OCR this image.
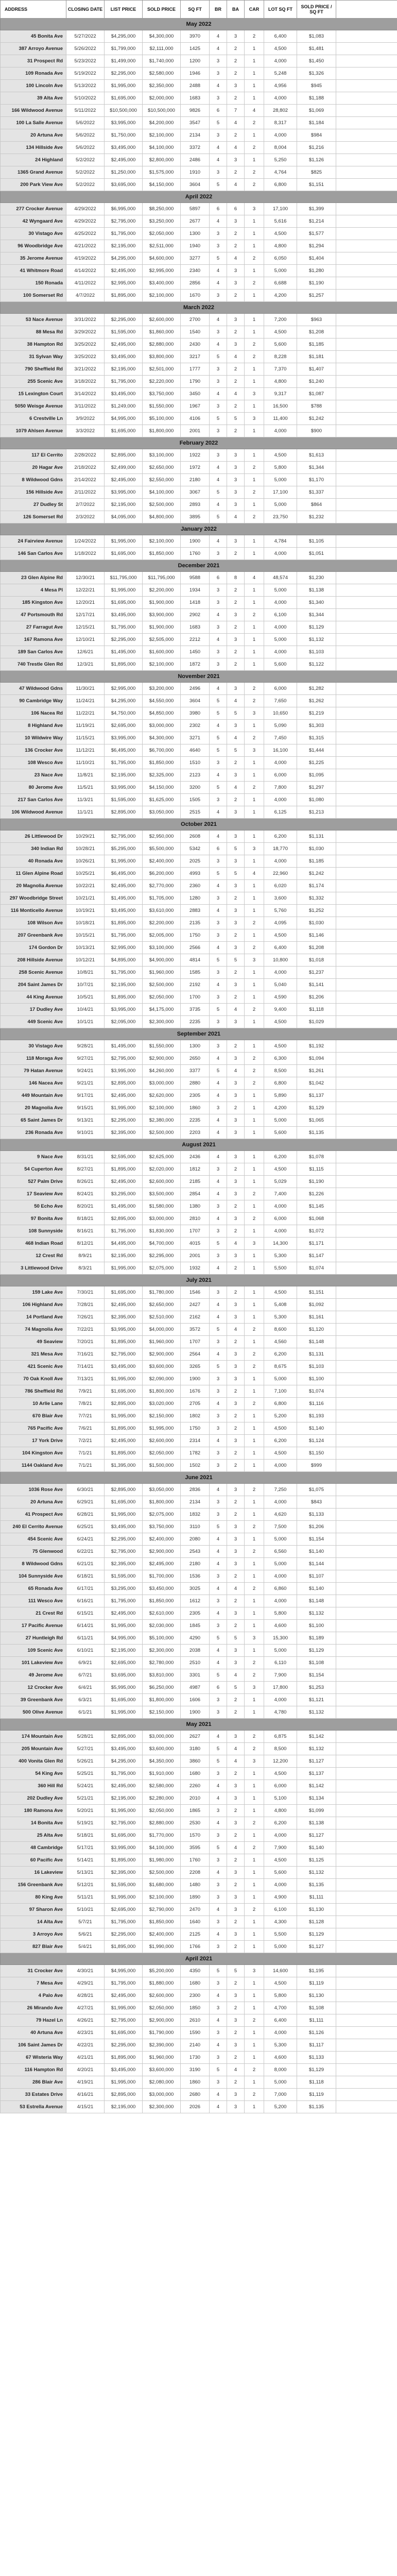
ADDRESS	CLOSING DATE	LIST PRICE	SOLD PRICE	SQ FT	BR	BA	CAR	LOT SQ FT	SOLD PRICE / SQ FT	
May 2022										
45 Bonita Ave	5/27/2022	$4,295,000	$4,300,000	3970	4	3	2	6,400	$1,083	
387 Arroyo Avenue	5/26/2022	$1,799,000	$2,111,000	1425	4	2	1	4,500	$1,481	
31 Prospect Rd	5/23/2022	$1,499,000	$1,740,000	1200	3	2	1	4,000	$1,450	
109 Ronada Ave	5/19/2022	$2,295,000	$2,580,000	1946	3	2	1	5,248	$1,326	
100 Lincoln Ave	5/13/2022	$1,995,000	$2,350,000	2488	4	3	1	4,956	$945	
39 Alta Ave	5/10/2022	$1,695,000	$2,000,000	1683	3	2	1	4,000	$1,188	
166 Wildwood Avenue	5/11/2022	$10,500,000	$10,500,000	9826	6	7	4	28,802	$1,069	
100 La Salle Avenue	5/6/2022	$3,995,000	$4,200,000	3547	5	4	2	8,317	$1,184	
20 Artuna Ave	5/6/2022	$1,750,000	$2,100,000	2134	3	2	1	4,000	$984	
134 Hillside Ave	5/6/2022	$3,495,000	$4,100,000	3372	4	4	2	8,004	$1,216	
24 Highland	5/2/2022	$2,495,000	$2,800,000	2486	4	3	1	5,250	$1,126	
1365 Grand Avenue	5/2/2022	$1,250,000	$1,575,000	1910	3	2	2	4,764	$825	
200 Park View Ave	5/2/2022	$3,695,000	$4,150,000	3604	5	4	2	6,800	$1,151	
April 2022										
277 Crocker Avenue	4/29/2022	$6,995,000	$8,250,000	5897	6	6	3	17,100	$1,399	
42 Wyngaard Ave	4/29/2022	$2,795,000	$3,250,000	2677	4	3	1	5,616	$1,214	
30 Vistago Ave	4/25/2022	$1,795,000	$2,050,000	1300	3	2	1	4,500	$1,577	
96 Woodbridge Ave	4/21/2022	$2,195,000	$2,511,000	1940	3	2	1	4,800	$1,294	
35 Jerome Avenue	4/19/2022	$4,295,000	$4,600,000	3277	5	4	2	6,050	$1,404	
41 Whitmore Road	4/14/2022	$2,495,000	$2,995,000	2340	4	3	1	5,000	$1,280	
150 Ronada	4/11/2022	$2,995,000	$3,400,000	2856	4	3	2	6,688	$1,190	
100 Somerset Rd	4/7/2022	$1,895,000	$2,100,000	1670	3	2	1	4,200	$1,257	
March 2022										
53 Nace Avenue	3/31/2022	$2,295,000	$2,600,000	2700	4	3	1	7,200	$963	
88 Mesa Rd	3/29/2022	$1,595,000	$1,860,000	1540	3	2	1	4,500	$1,208	
38 Hampton Rd	3/25/2022	$2,495,000	$2,880,000	2430	4	3	2	5,600	$1,185	
31 Sylvan Way	3/25/2022	$3,495,000	$3,800,000	3217	5	4	2	8,228	$1,181	
790 Sheffield Rd	3/21/2022	$2,195,000	$2,501,000	1777	3	2	1	7,370	$1,407	
255 Scenic Ave	3/18/2022	$1,795,000	$2,220,000	1790	3	2	1	4,800	$1,240	
15 Lexington Court	3/14/2022	$3,495,000	$3,750,000	3450	4	4	3	9,317	$1,087	
5050 Weisge Avenue	3/11/2022	$1,249,000	$1,550,000	1967	3	2	1	16,500	$788	
6 Crestville Ln	3/9/2022	$4,995,000	$5,100,000	4106	5	5	3	11,400	$1,242	
1079 Ahlsen Avenue	3/3/2022	$1,695,000	$1,800,000	2001	3	2	1	4,000	$900	
February 2022										
117 El Cerrito	2/28/2022	$2,895,000	$3,100,000	1922	3	3	1	4,500	$1,613	
20 Hagar Ave	2/18/2022	$2,499,000	$2,650,000	1972	4	3	2	5,800	$1,344	
8 Wildwood Gdns	2/14/2022	$2,495,000	$2,550,000	2180	4	3	1	5,000	$1,170	
156 Hillside Ave	2/11/2022	$3,995,000	$4,100,000	3067	5	3	2	17,100	$1,337	
27 Dudley St	2/7/2022	$2,195,000	$2,500,000	2893	4	3	1	5,000	$864	
126 Somerset Rd	2/3/2022	$4,095,000	$4,800,000	3895	5	4	2	23,750	$1,232	
January 2022										
24 Fairview Avenue	1/24/2022	$1,995,000	$2,100,000	1900	4	3	1	4,784	$1,105	
146 San Carlos Ave	1/18/2022	$1,695,000	$1,850,000	1760	3	2	1	4,000	$1,051	
December 2021										
23 Glen Alpine Rd	12/30/21	$11,795,000	$11,795,000	9588	6	8	4	48,574	$1,230	
4 Mesa Pl	12/22/21	$1,995,000	$2,200,000	1934	3	2	1	5,000	$1,138	
185 Kingston Ave	12/20/21	$1,695,000	$1,900,000	1418	3	2	1	4,000	$1,340	
47 Portsmouth Rd	12/17/21	$3,495,000	$3,900,000	2902	4	3	2	6,100	$1,344	
27 Farragut Ave	12/15/21	$1,795,000	$1,900,000	1683	3	2	1	4,000	$1,129	
167 Ramona Ave	12/10/21	$2,295,000	$2,505,000	2212	4	3	1	5,000	$1,132	
189 San Carlos Ave	12/6/21	$1,495,000	$1,600,000	1450	3	2	1	4,000	$1,103	
740 Trestle Glen Rd	12/3/21	$1,895,000	$2,100,000	1872	3	2	1	5,600	$1,122	
November 2021										
47 Wildwood Gdns	11/30/21	$2,995,000	$3,200,000	2496	4	3	2	6,000	$1,282	
90 Cambridge Way	11/24/21	$4,295,000	$4,550,000	3604	5	4	2	7,650	$1,262	
106 Nacea Rd	11/22/21	$4,750,000	$4,850,000	3980	5	5	3	10,650	$1,219	
8 Highland Ave	11/19/21	$2,695,000	$3,000,000	2302	4	3	1	5,090	$1,303	
10 Wildwire Way	11/15/21	$3,995,000	$4,300,000	3271	5	4	2	7,450	$1,315	
136 Crocker Ave	11/12/21	$6,495,000	$6,700,000	4640	5	5	3	16,100	$1,444	
108 Wesco Ave	11/10/21	$1,795,000	$1,850,000	1510	3	2	1	4,000	$1,225	
23 Nace Ave	11/8/21	$2,195,000	$2,325,000	2123	4	3	1	6,000	$1,095	
80 Jerome Ave	11/5/21	$3,995,000	$4,150,000	3200	5	4	2	7,800	$1,297	
217 San Carlos Ave	11/3/21	$1,595,000	$1,625,000	1505	3	2	1	4,000	$1,080	
106 Wildwood Avenue	11/1/21	$2,895,000	$3,050,000	2515	4	3	1	6,125	$1,213	
October 2021										
26 Littlewood Dr	10/29/21	$2,795,000	$2,950,000	2608	4	3	1	6,200	$1,131	
340 Indian Rd	10/28/21	$5,295,000	$5,500,000	5342	6	5	3	18,770	$1,030	
40 Ronada Ave	10/26/21	$1,995,000	$2,400,000	2025	3	3	1	4,000	$1,185	
11 Glen Alpine Road	10/25/21	$6,495,000	$6,200,000	4993	5	5	4	22,960	$1,242	
20 Magnolia Avenue	10/22/21	$2,495,000	$2,770,000	2360	4	3	1	6,020	$1,174	
297 Woodbridge Street	10/21/21	$1,495,000	$1,705,000	1280	3	2	1	3,600	$1,332	
116 Monticello Avenue	10/19/21	$3,495,000	$3,610,000	2883	4	3	1	5,760	$1,252	
108 Wilson Ave	10/18/21	$1,895,000	$2,200,000	2135	3	3	2	4,095	$1,030	
207 Greenbank Ave	10/15/21	$1,795,000	$2,005,000	1750	3	2	1	4,500	$1,146	
174 Gordon Dr	10/13/21	$2,995,000	$3,100,000	2566	4	3	2	6,400	$1,208	
208 Hillside Avenue	10/12/21	$4,895,000	$4,900,000	4814	5	5	3	10,800	$1,018	
258 Scenic Avenue	10/8/21	$1,795,000	$1,960,000	1585	3	2	1	4,000	$1,237	
204 Saint James Dr	10/7/21	$2,195,000	$2,500,000	2192	4	3	1	5,040	$1,141	
44 King Avenue	10/5/21	$1,895,000	$2,050,000	1700	3	2	1	4,590	$1,206	
17 Dudley Ave	10/4/21	$3,995,000	$4,175,000	3735	5	4	2	9,400	$1,118	
449 Scenic Ave	10/1/21	$2,095,000	$2,300,000	2235	3	3	1	4,500	$1,029	
September 2021										
30 Vistago Ave	9/28/21	$1,495,000	$1,550,000	1300	3	2	1	4,500	$1,192	
118 Moraga Ave	9/27/21	$2,795,000	$2,900,000	2650	4	3	2	6,300	$1,094	
79 Hatan Avenue	9/24/21	$3,995,000	$4,260,000	3377	5	4	2	8,500	$1,261	
146 Nacea Ave	9/21/21	$2,895,000	$3,000,000	2880	4	3	2	6,800	$1,042	
449 Mountain Ave	9/17/21	$2,495,000	$2,620,000	2305	4	3	1	5,890	$1,137	
20 Magnolia Ave	9/15/21	$1,995,000	$2,100,000	1860	3	2	1	4,200	$1,129	
65 Saint James Dr	9/13/21	$2,295,000	$2,380,000	2235	4	3	1	5,000	$1,065	
236 Ronada Ave	9/10/21	$2,395,000	$2,500,000	2203	4	3	1	5,600	$1,135	
August 2021										
9 Nace Ave	8/31/21	$2,595,000	$2,625,000	2436	4	3	1	6,200	$1,078	
54 Cuperton Ave	8/27/21	$1,895,000	$2,020,000	1812	3	2	1	4,500	$1,115	
527 Palm Drive	8/26/21	$2,495,000	$2,600,000	2185	4	3	1	5,029	$1,190	
17 Seaview Ave	8/24/21	$3,295,000	$3,500,000	2854	4	3	2	7,400	$1,226	
50 Echo Ave	8/20/21	$1,495,000	$1,580,000	1380	3	2	1	4,000	$1,145	
97 Bonita Ave	8/18/21	$2,895,000	$3,000,000	2810	4	3	2	6,000	$1,068	
108 Sunnyside	8/16/21	$1,795,000	$1,830,000	1707	3	2	1	4,000	$1,072	
468 Indian Road	8/12/21	$4,495,000	$4,700,000	4015	5	4	3	14,300	$1,171	
12 Crest Rd	8/9/21	$2,195,000	$2,295,000	2001	3	3	1	5,300	$1,147	
3 Littlewood Drive	8/3/21	$1,995,000	$2,075,000	1932	4	2	1	5,500	$1,074	
July 2021										
159 Lake Ave	7/30/21	$1,695,000	$1,780,000	1546	3	2	1	4,500	$1,151	
106 Highland Ave	7/28/21	$2,495,000	$2,650,000	2427	4	3	1	5,408	$1,092	
14 Portland Ave	7/26/21	$2,395,000	$2,510,000	2162	4	3	1	5,300	$1,161	
74 Magnolia Ave	7/22/21	$3,995,000	$4,000,000	3572	5	4	2	8,600	$1,120	
49 Seaview	7/20/21	$1,895,000	$1,960,000	1707	3	2	1	4,560	$1,148	
321 Mesa Ave	7/16/21	$2,795,000	$2,900,000	2564	4	3	2	6,200	$1,131	
421 Scenic Ave	7/14/21	$3,495,000	$3,600,000	3265	5	3	2	8,675	$1,103	
70 Oak Knoll Ave	7/13/21	$1,995,000	$2,090,000	1900	3	3	1	5,000	$1,100	
786 Sheffield Rd	7/9/21	$1,695,000	$1,800,000	1676	3	2	1	7,100	$1,074	
10 Arlie Lane	7/8/21	$2,895,000	$3,020,000	2705	4	3	2	6,800	$1,116	
670 Blair Ave	7/7/21	$1,995,000	$2,150,000	1802	3	2	1	5,200	$1,193	
765 Pacific Ave	7/6/21	$1,895,000	$1,995,000	1750	3	2	1	4,500	$1,140	
17 York Drive	7/2/21	$2,495,000	$2,600,000	2314	4	3	1	6,200	$1,124	
104 Kingston Ave	7/1/21	$1,895,000	$2,050,000	1782	3	2	1	4,500	$1,150	
1144 Oakland Ave	7/1/21	$1,395,000	$1,500,000	1502	3	2	1	4,000	$999	
June 2021										
1036 Rose Ave	6/30/21	$2,895,000	$3,050,000	2836	4	3	2	7,250	$1,075	
20 Artuna Ave	6/29/21	$1,695,000	$1,800,000	2134	3	2	1	4,000	$843	
41 Prospect Ave	6/28/21	$1,995,000	$2,075,000	1832	3	2	1	4,620	$1,133	
240 El Cerrito Avenue	6/25/21	$3,495,000	$3,750,000	3110	5	3	2	7,500	$1,206	
454 Scenic Ave	6/24/21	$2,295,000	$2,400,000	2080	4	3	1	5,000	$1,154	
75 Glenwood	6/22/21	$2,795,000	$2,900,000	2543	4	3	2	6,560	$1,140	
8 Wildwood Gdns	6/21/21	$2,395,000	$2,495,000	2180	4	3	1	5,000	$1,144	
104 Sunnyside Ave	6/18/21	$1,595,000	$1,700,000	1536	3	2	1	4,000	$1,107	
65 Ronada Ave	6/17/21	$3,295,000	$3,450,000	3025	4	4	2	6,860	$1,140	
111 Wesco Ave	6/16/21	$1,795,000	$1,850,000	1612	3	2	1	4,000	$1,148	
21 Crest Rd	6/15/21	$2,495,000	$2,610,000	2305	4	3	1	5,800	$1,132	
17 Pacific Avenue	6/14/21	$1,995,000	$2,030,000	1845	3	2	1	4,600	$1,100	
27 Huntleigh Rd	6/11/21	$4,995,000	$5,100,000	4290	5	5	3	15,300	$1,189	
109 Scenic Ave	6/10/21	$2,195,000	$2,300,000	2038	4	3	1	5,000	$1,129	
101 Lakeview Ave	6/9/21	$2,695,000	$2,780,000	2510	4	3	2	6,110	$1,108	
49 Jerome Ave	6/7/21	$3,695,000	$3,810,000	3301	5	4	2	7,900	$1,154	
12 Crocker Ave	6/4/21	$5,995,000	$6,250,000	4987	6	5	3	17,800	$1,253	
39 Greenbank Ave	6/3/21	$1,695,000	$1,800,000	1606	3	2	1	4,000	$1,121	
500 Olive Avenue	6/1/21	$1,995,000	$2,150,000	1900	3	2	1	4,780	$1,132	
May 2021										
174 Mountain Ave	5/28/21	$2,895,000	$3,000,000	2627	4	3	2	6,875	$1,142	
205 Mountain Ave	5/27/21	$3,495,000	$3,600,000	3180	5	4	2	8,500	$1,132	
400 Vonita Glen Rd	5/26/21	$4,295,000	$4,350,000	3860	5	4	3	12,200	$1,127	
54 King Ave	5/25/21	$1,795,000	$1,910,000	1680	3	2	1	4,500	$1,137	
360 Hill Rd	5/24/21	$2,495,000	$2,580,000	2260	4	3	1	6,000	$1,142	
202 Dudley Ave	5/21/21	$2,195,000	$2,280,000	2010	4	3	1	5,100	$1,134	
180 Ramona Ave	5/20/21	$1,995,000	$2,050,000	1865	3	2	1	4,800	$1,099	
14 Bonita Ave	5/19/21	$2,795,000	$2,880,000	2530	4	3	2	6,200	$1,138	
25 Alta Ave	5/18/21	$1,695,000	$1,770,000	1570	3	2	1	4,000	$1,127	
48 Cambridge	5/17/21	$3,995,000	$4,100,000	3595	5	4	2	7,900	$1,140	
60 Pacific Ave	5/14/21	$1,895,000	$1,980,000	1760	3	2	1	4,500	$1,125	
16 Lakeview	5/13/21	$2,395,000	$2,500,000	2208	4	3	1	5,600	$1,132	
156 Greenbank Ave	5/12/21	$1,595,000	$1,680,000	1480	3	2	1	4,000	$1,135	
80 King Ave	5/11/21	$1,995,000	$2,100,000	1890	3	3	1	4,900	$1,111	
97 Sharon Ave	5/10/21	$2,695,000	$2,790,000	2470	4	3	2	6,100	$1,130	
14 Alta Ave	5/7/21	$1,795,000	$1,850,000	1640	3	2	1	4,300	$1,128	
3 Arroyo Ave	5/6/21	$2,295,000	$2,400,000	2125	4	3	1	5,500	$1,129	
827 Blair Ave	5/4/21	$1,895,000	$1,990,000	1766	3	2	1	5,000	$1,127	
April 2021										
31 Crocker Ave	4/30/21	$4,995,000	$5,200,000	4350	5	5	3	14,600	$1,195	
7 Mesa Ave	4/29/21	$1,795,000	$1,880,000	1680	3	2	1	4,500	$1,119	
4 Palo Ave	4/28/21	$2,495,000	$2,600,000	2300	4	3	1	5,800	$1,130	
26 Mirando Ave	4/27/21	$1,995,000	$2,050,000	1850	3	2	1	4,700	$1,108	
79 Hazel Ln	4/26/21	$2,795,000	$2,900,000	2610	4	3	2	6,400	$1,111	
40 Artuna Ave	4/23/21	$1,695,000	$1,790,000	1590	3	2	1	4,000	$1,126	
106 Saint James Dr	4/22/21	$2,295,000	$2,390,000	2140	4	3	1	5,300	$1,117	
67 Wisteria Way	4/21/21	$1,895,000	$1,960,000	1730	3	2	1	4,600	$1,133	
116 Hampton Rd	4/20/21	$3,495,000	$3,600,000	3190	5	4	2	8,000	$1,129	
286 Blair Ave	4/19/21	$1,995,000	$2,080,000	1860	3	2	1	5,000	$1,118	
33 Estates Drive	4/16/21	$2,895,000	$3,000,000	2680	4	3	2	7,000	$1,119	
53 Estrella Avenue	4/15/21	$2,195,000	$2,300,000	2026	4	3	1	5,200	$1,135	
